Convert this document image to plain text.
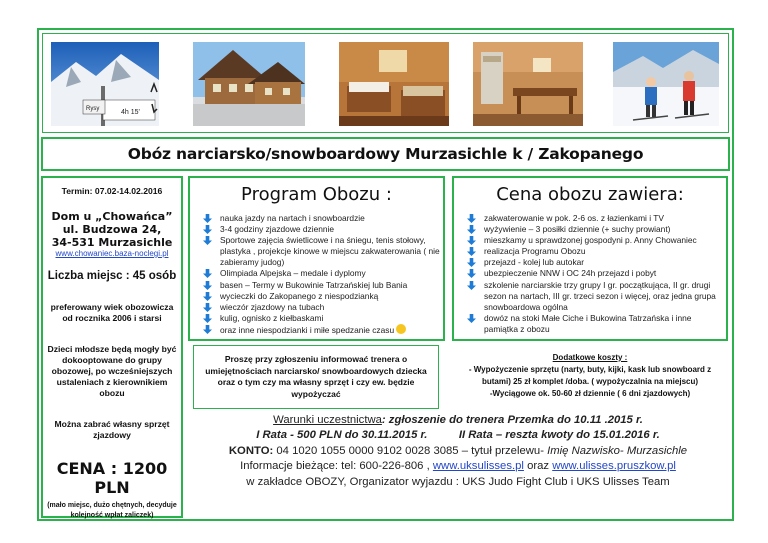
Rysy	4h 15'
Obóz narciarsko/snowboardowy Murzasichle k / Zakopanego

Termin: 07.02-14.02.2016

Dom u „Chowańca”

ul. Budzowa 24,

34-531 Murzasichle

www.chowaniec.baza-noclegi.pl

Liczba miejsc : 45 osób

preferowany wiek obozowicza od rocznika 2006 i starsi

Dzieci młodsze będą mogły być dokooptowane do grupy obozowej, po wcześniejszych ustaleniach z kierownikiem obozu

Można zabrać własny sprzęt zjazdowy

CENA : 1200 PLN

(mało miejsc, dużo chętnych, decyduje kolejność wpłat zaliczek)

Program Obozu :
nauka jazdy na nartach i snowboardzie
3-4 godziny zjazdowe dziennie
Sportowe zajęcia świetlicowe i na śniegu, tenis stołowy, plastyka , projekcje kinowe w miejscu zakwaterowania ( nie zabieramy judog)
Olimpiada Alpejska – medale i dyplomy
basen – Termy w Bukowinie Tatrzańskiej lub Bania
wycieczki do Zakopanego z niespodzianką
wieczór zjazdowy na tubach
kulig, ognisko z kiełbaskami
oraz inne niespodzianki i miłe spedzanie czasu
Cena obozu zawiera:
zakwaterowanie w pok. 2-6 os. z łazienkami i TV
wyżywienie – 3 posiłki dziennie (+ suchy prowiant)
mieszkamy u sprawdzonej gospodyni p. Anny Chowaniec
realizacja Programu Obozu
przejazd - kolej lub autokar
ubezpieczenie NNW i OC 24h przejazd i pobyt
szkolenie narciarskie trzy grupy I gr. początkująca, II gr. drugi sezon na nartach, III gr. trzeci sezon i więcej, oraz jedna grupa snowboardowa ogólna
dowóz na stoki Małe Ciche i Bukowina Tatrzańska i inne pamiątka z obozu
Proszę przy zgłoszeniu informować trenera o umiejętnościach narciarsko/ snowboardowych dziecka oraz o tym czy ma własny sprzęt i czy ew. będzie wypożyczać
Dodatkowe koszty :
- Wypożyczenie sprzętu (narty, buty, kijki, kask lub snowboard z butami) 25 zł komplet /doba. ( wypożyczalnia na miejscu)
-Wyciągowe ok. 50-60 zł dziennie ( 6 dni zjazdowych)
Warunki uczestnictwa: zgłoszenie do trenera Przemka do 10.11 .2015 r.
I Rata - 500 PLN do 30.11.2015 r.	II Rata – reszta kwoty do 15.01.2016 r.
KONTO: 04 1020 1055 0000 9102 0028 3085 – tytuł przelewu- Imię Nazwisko- Murzasichle
Informacje bieżące: tel: 600-226-806 , www.uksulisses.pl oraz www.ulisses.pruszkow.pl
w zakładce OBOZY, Organizator wyjazdu : UKS Judo Fight Club i UKS Ulisses Team
